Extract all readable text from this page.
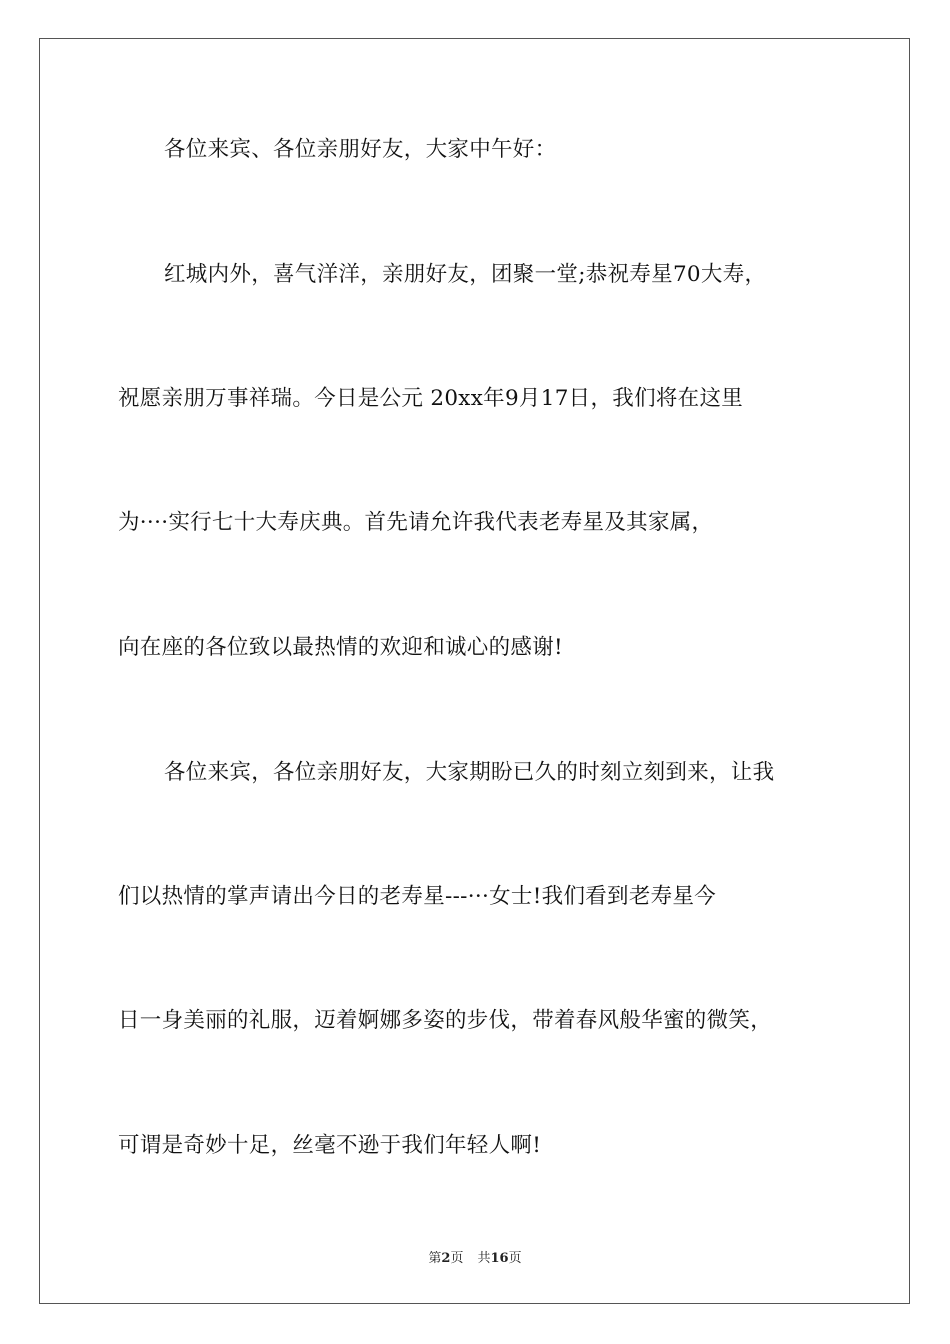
各位来宾、各位亲朋好友，大家中午好：
红城内外，喜气洋洋，亲朋好友，团聚一堂;恭祝寿星70大寿，
祝愿亲朋万事祥瑞。今日是公元 20xx年9月17日，我们将在这里
为····实行七十大寿庆典。首先请允许我代表老寿星及其家属，
向在座的各位致以最热情的欢迎和诚心的感谢!
各位来宾，各位亲朋好友，大家期盼已久的时刻立刻到来，让我
们以热情的掌声请出今日的老寿星---···女士!我们看到老寿星今
日一身美丽的礼服，迈着婀娜多姿的步伐，带着春风般华蜜的微笑，
可谓是奇妙十足，丝毫不逊于我们年轻人啊!
第2页 共16页
